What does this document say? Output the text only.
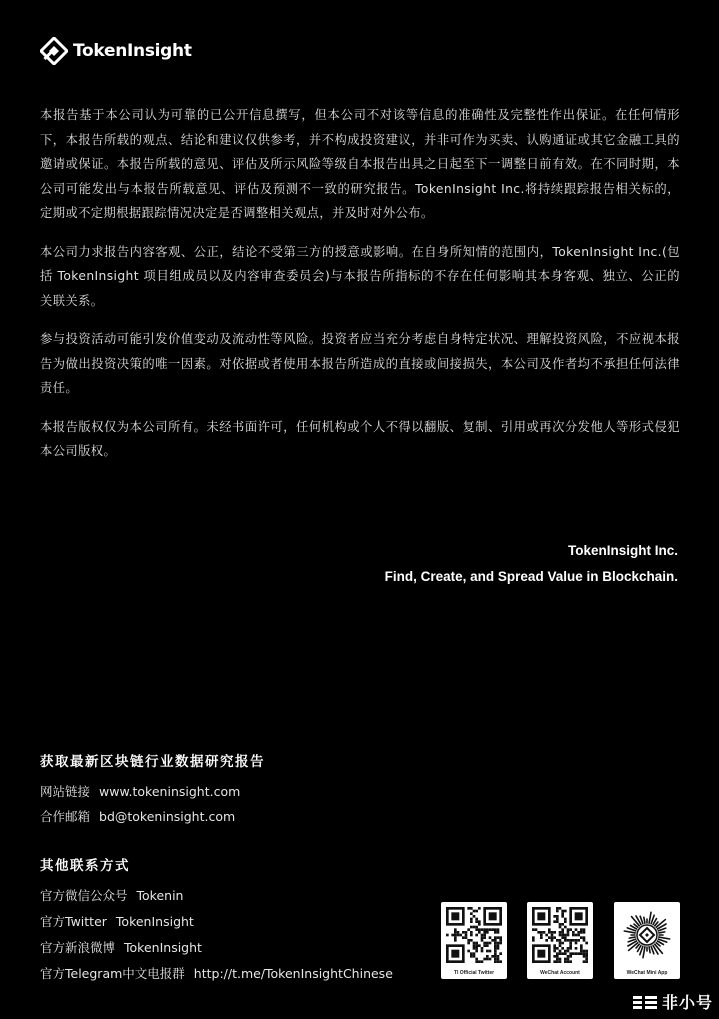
TokenInsight

本报告基于本公司认为可靠的已公开信息撰写，但本公司不对该等信息的准确性及完整性作出保证。在任何情形下，本报告所载的观点、结论和建议仅供参考，并不构成投资建议，并非可作为买卖、认购通证或其它金融工具的邀请或保证。本报告所载的意见、评估及所示风险等级自本报告出具之日起至下一调整日前有效。在不同时期，本公司可能发出与本报告所载意见、评估及预测不一致的研究报告。TokenInsight Inc.将持续跟踪报告相关标的，定期或不定期根据跟踪情况决定是否调整相关观点，并及时对外公布。

本公司力求报告内容客观、公正，结论不受第三方的授意或影响。在自身所知情的范围内，TokenInsight Inc.(包括 TokenInsight 项目组成员以及内容审查委员会)与本报告所指标的不存在任何影响其本身客观、独立、公正的关联关系。

参与投资活动可能引发价值变动及流动性等风险。投资者应当充分考虑自身特定状况、理解投资风险，不应视本报告为做出投资决策的唯一因素。对依据或者使用本报告所造成的直接或间接损失，本公司及作者均不承担任何法律责任。

本报告版权仅为本公司所有。未经书面许可，任何机构或个人不得以翻版、复制、引用或再次分发他人等形式侵犯本公司版权。

TokenInsight Inc.
Find, Create, and Spread Value in Blockchain.
获取最新区块链行业数据研究报告
网站链接 www.tokeninsight.com
合作邮箱 bd@tokeninsight.com
其他联系方式
官方微信公众号 Tokenin
官方Twitter TokenInsight
官方新浪微博 TokenInsight
官方Telegram中文电报群 http://t.me/TokenInsightChinese	TI Official Twitter	WeChat Account	WeChat Mini App
非小号
